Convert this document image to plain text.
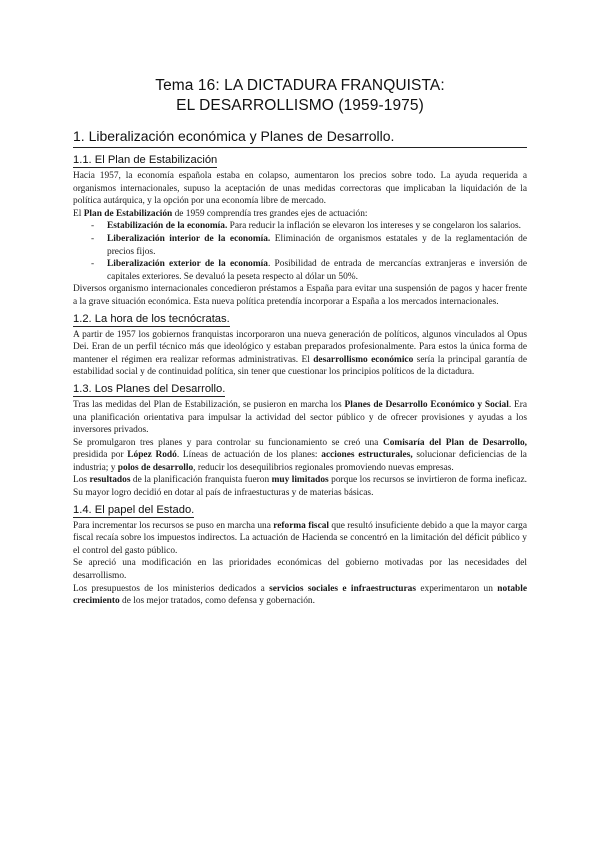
Tema 16: LA DICTADURA FRANQUISTA:
EL DESARROLLISMO (1959-1975)
1. Liberalización económica y Planes de Desarrollo.
1.1. El Plan de Estabilización

Hacia 1957, la economía española estaba en colapso, aumentaron los precios sobre todo. La ayuda requerida a organismos internacionales, supuso la aceptación de unas medidas correctoras que implicaban la liquidación de la política autárquica, y la opción por una economía libre de mercado.

El Plan de Estabilización de 1959 comprendía tres grandes ejes de actuación:

- Estabilización de la economía. Para reducir la inflación se elevaron los intereses y se congelaron los salarios.
- Liberalización interior de la economía. Eliminación de organismos estatales y de la reglamentación de precios fijos.
- Liberalización exterior de la economía. Posibilidad de entrada de mercancías extranjeras e inversión de capitales exteriores. Se devaluó la peseta respecto al dólar un 50%.

Diversos organismo internacionales concedieron préstamos a España para evitar una suspensión de pagos y hacer frente a la grave situación económica. Esta nueva política pretendía incorporar a España a los mercados internacionales.

1.2. La hora de los tecnócratas.

A partir de 1957 los gobiernos franquistas incorporaron una nueva generación de políticos, algunos vinculados al Opus Dei. Eran de un perfil técnico más que ideológico y estaban preparados profesionalmente. Para estos la única forma de mantener el régimen era realizar reformas administrativas. El desarrollismo económico sería la principal garantía de estabilidad social y de continuidad política, sin tener que cuestionar los principios políticos de la dictadura.

1.3. Los Planes del Desarrollo.

Tras las medidas del Plan de Estabilización, se pusieron en marcha los Planes de Desarrollo Económico y Social. Era una planificación orientativa para impulsar la actividad del sector público y de ofrecer provisiones y ayudas a los inversores privados.

Se promulgaron tres planes y para controlar su funcionamiento se creó una Comisaría del Plan de Desarrollo, presidida por López Rodó. Líneas de actuación de los planes: acciones estructurales, solucionar deficiencias de la industria; y polos de desarrollo, reducir los desequilibrios regionales promoviendo nuevas empresas.

Los resultados de la planificación franquista fueron muy limitados porque los recursos se invirtieron de forma ineficaz. Su mayor logro decidió en dotar al país de infraestucturas y de materias básicas.

1.4. El papel del Estado.

Para incrementar los recursos se puso en marcha una reforma fiscal que resultó insuficiente debido a que la mayor carga fiscal recaía sobre los impuestos indirectos. La actuación de Hacienda se concentró en la limitación del déficit público y el control del gasto público.

Se apreció una modificación en las prioridades económicas del gobierno motivadas por las necesidades del desarrollismo.

Los presupuestos de los ministerios dedicados a servicios sociales e infraestructuras experimentaron un notable crecimiento de los mejor tratados, como defensa y gobernación.
